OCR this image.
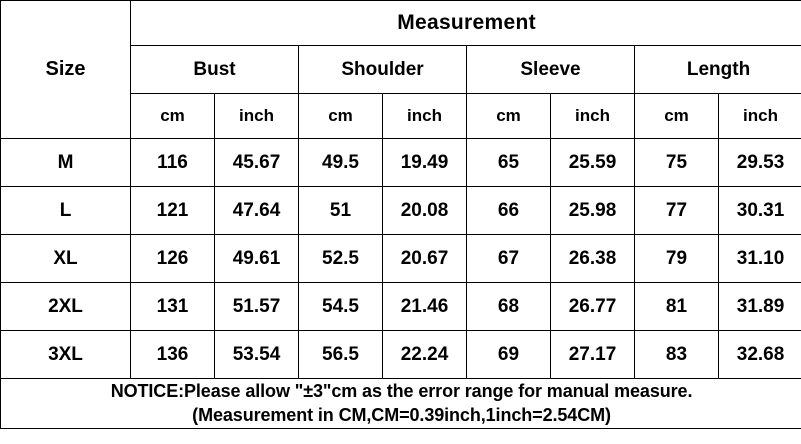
Size	Measurement							
	Bust		Shoulder		Sleeve		Length	
	cm	inch	cm	inch	cm	inch	cm	inch
M	116	45.67	49.5	19.49	65	25.59	75	29.53
L	121	47.64	51	20.08	66	25.98	77	30.31
XL	126	49.61	52.5	20.67	67	26.38	79	31.10
2XL	131	51.57	54.5	21.46	68	26.77	81	31.89
3XL	136	53.54	56.5	22.24	69	27.17	83	32.68
NOTICE:Please allow "±3"cm as the error range for manual measure.
(Measurement in CM,CM=0.39inch,1inch=2.54CM)								
